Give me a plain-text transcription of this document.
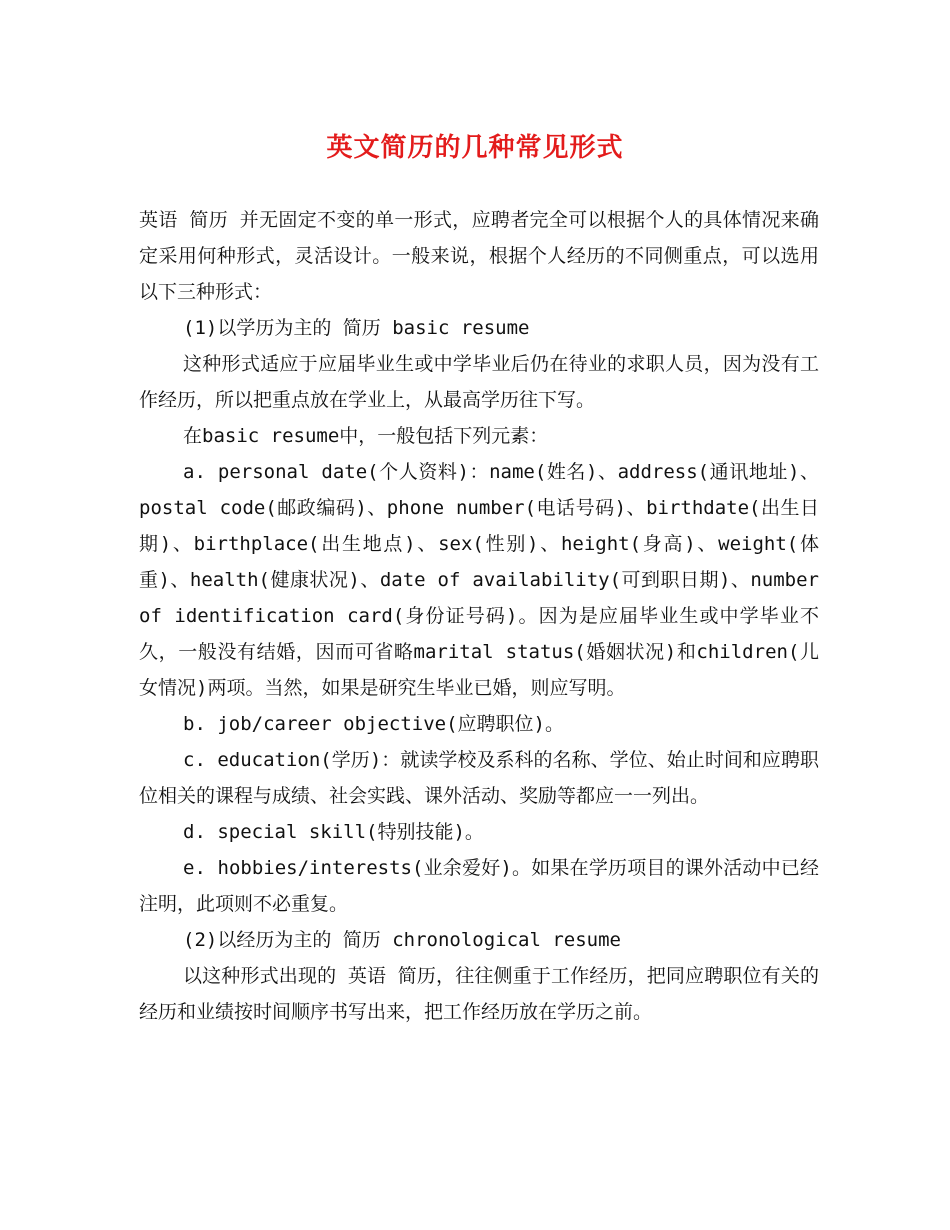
英文简历的几种常见形式

英语 简历 并无固定不变的单一形式，应聘者完全可以根据个人的具体情况来确定采用何种形式，灵活设计。一般来说，根据个人经历的不同侧重点，可以选用以下三种形式：

(1)以学历为主的 简历 basic resume

这种形式适应于应届毕业生或中学毕业后仍在待业的求职人员，因为没有工作经历，所以把重点放在学业上，从最高学历往下写。

在basic resume中，一般包括下列元素：

a. personal date(个人资料)：name(姓名)、address(通讯地址)、postal code(邮政编码)、phone number(电话号码)、birthdate(出生日期)、birthplace(出生地点)、sex(性别)、height(身高)、weight(体重)、health(健康状况)、date of availability(可到职日期)、number of identification card(身份证号码)。因为是应届毕业生或中学毕业不久，一般没有结婚，因而可省略marital status(婚姻状况)和children(儿女情况)两项。当然，如果是研究生毕业已婚，则应写明。

b. job/career objective(应聘职位)。

c. education(学历)：就读学校及系科的名称、学位、始止时间和应聘职位相关的课程与成绩、社会实践、课外活动、奖励等都应一一列出。

d. special skill(特别技能)。

e. hobbies/interests(业余爱好)。如果在学历项目的课外活动中已经注明，此项则不必重复。

(2)以经历为主的 简历 chronological resume

以这种形式出现的 英语 简历，往往侧重于工作经历，把同应聘职位有关的经历和业绩按时间顺序书写出来，把工作经历放在学历之前。
